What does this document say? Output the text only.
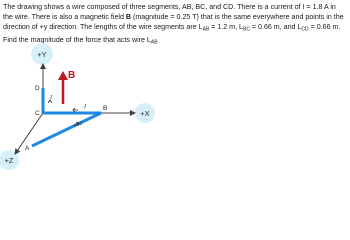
The drawing shows a wire composed of three segments, AB, BC, and CD. There is a current of I = 1.8 A in the wire. There is also a magnetic field B (magnitude = 0.25 T) that is the same everywhere and points in the direction of +y direction. The lengths of the wire segments are $L_{AB} = 1.2$ m, $L_{BC} = 0.66$ m, and $L_{CD} = 0.66$ m. Find the magnitude of the force that acts wire $L_{AB}$
+Y
+X
+Z
B
A
B
C
D
I
I
I
